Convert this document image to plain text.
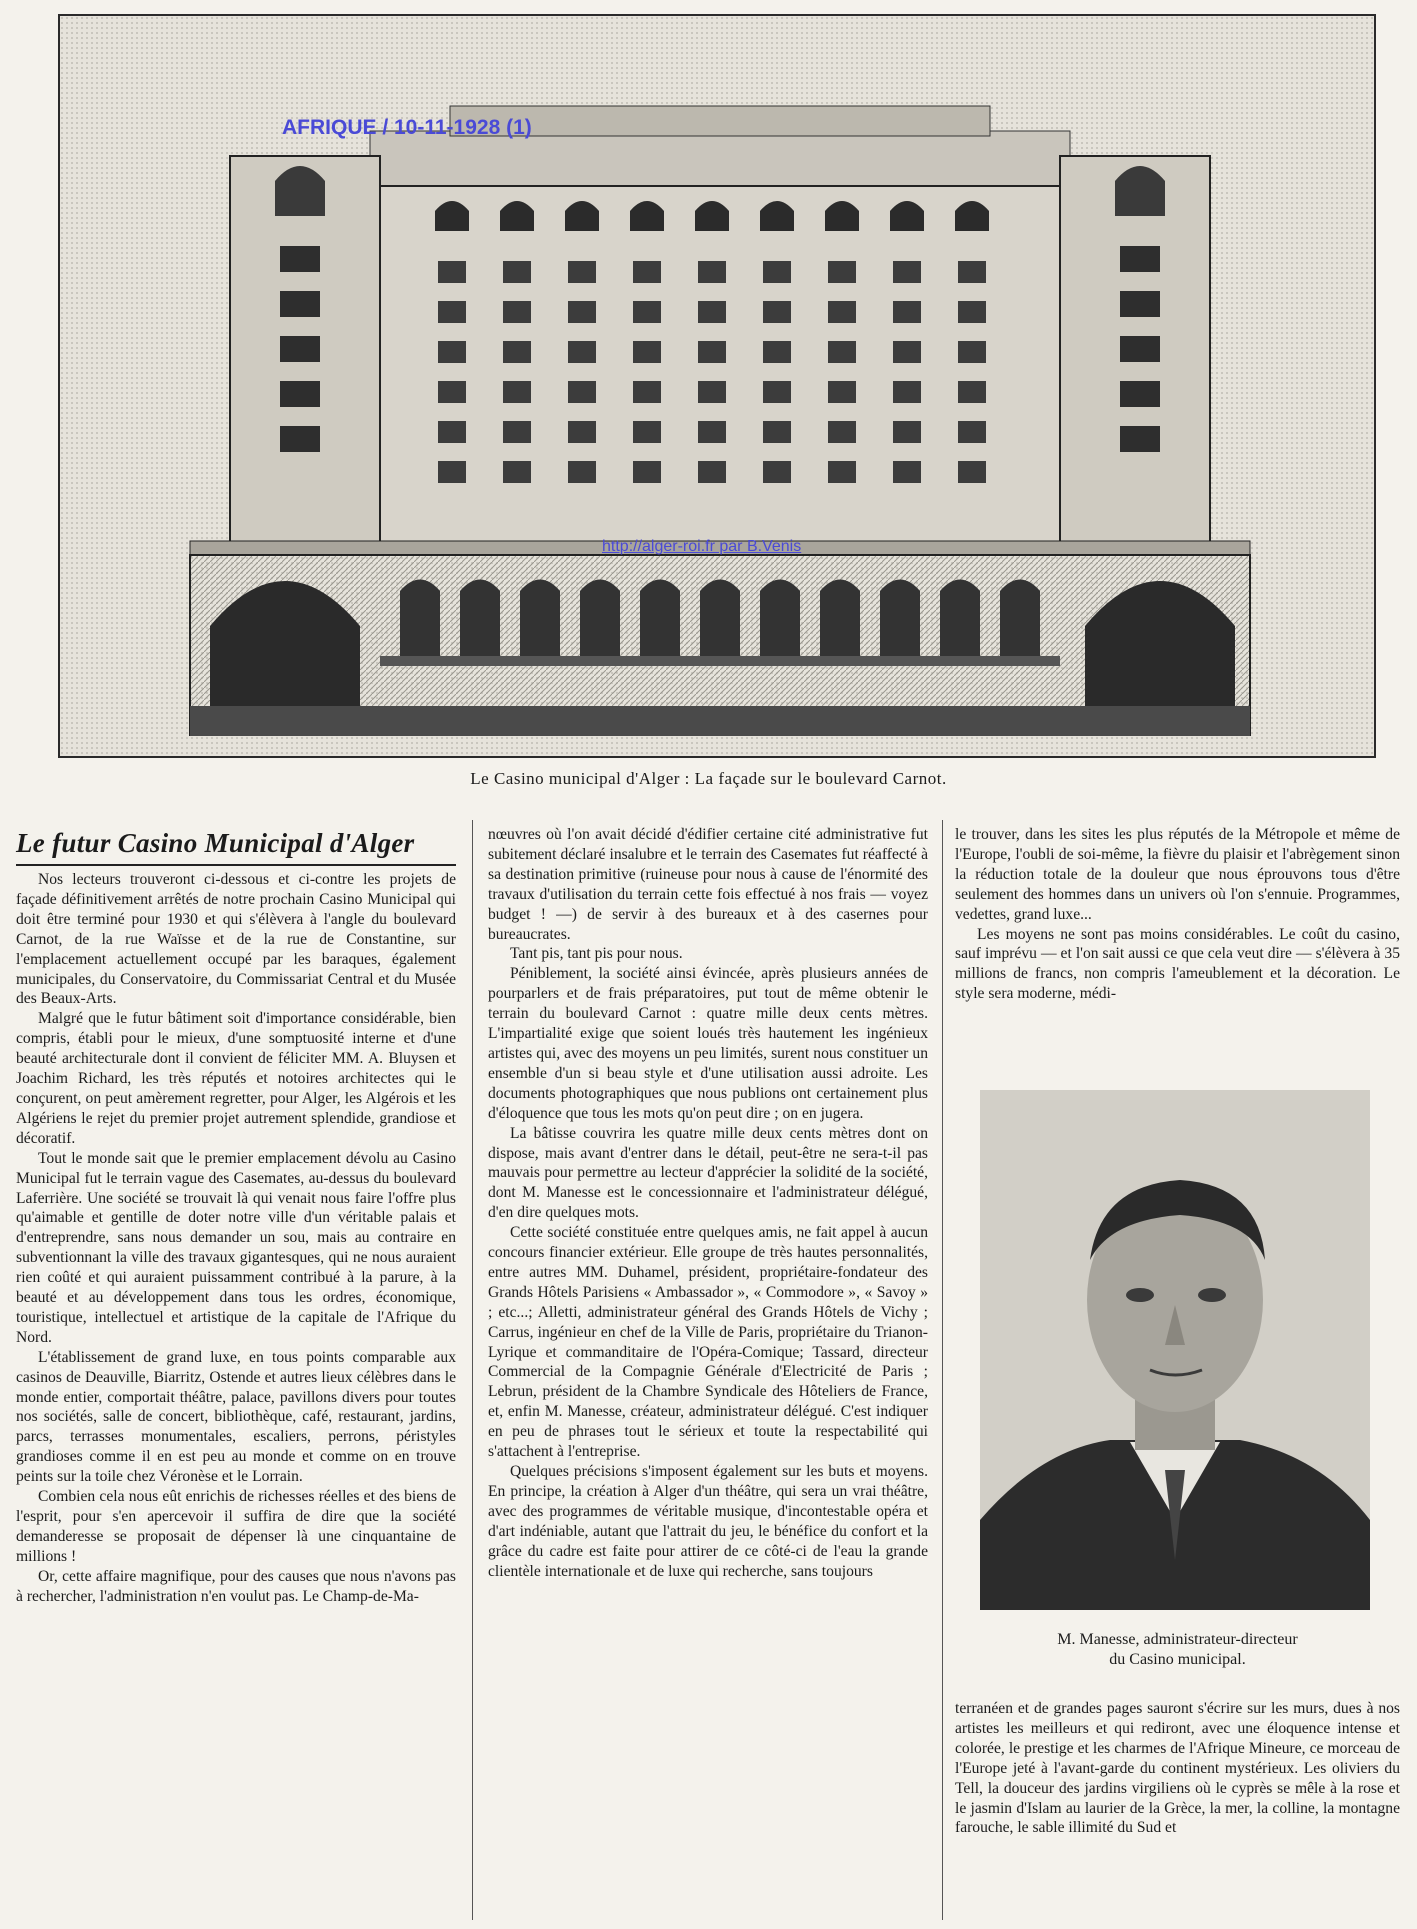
AFRIQUE / 10-11-1928 (1)
http://alger-roi.fr par B.Venis
Le Casino municipal d'Alger : La façade sur le boulevard Carnot.
Le futur Casino Municipal d'Alger

Nos lecteurs trouveront ci-dessous et ci-contre les projets de façade définitivement arrêtés de notre prochain Casino Municipal qui doit être terminé pour 1930 et qui s'élèvera à l'angle du boulevard Carnot, de la rue Waïsse et de la rue de Constantine, sur l'emplacement actuellement occupé par les baraques, également municipales, du Conservatoire, du Commissariat Central et du Musée des Beaux-Arts.

Malgré que le futur bâtiment soit d'importance considérable, bien compris, établi pour le mieux, d'une somptuosité interne et d'une beauté architecturale dont il convient de féliciter MM. A. Bluysen et Joachim Richard, les très réputés et notoires architectes qui le conçurent, on peut amèrement regretter, pour Alger, les Algérois et les Algériens le rejet du premier projet autrement splendide, grandiose et décoratif.

Tout le monde sait que le premier emplacement dévolu au Casino Municipal fut le terrain vague des Casemates, au-dessus du boulevard Laferrière. Une société se trouvait là qui venait nous faire l'offre plus qu'aimable et gentille de doter notre ville d'un véritable palais et d'entreprendre, sans nous demander un sou, mais au contraire en subventionnant la ville des travaux gigantesques, qui ne nous auraient rien coûté et qui auraient puissamment contribué à la parure, à la beauté et au développement dans tous les ordres, économique, touristique, intellectuel et artistique de la capitale de l'Afrique du Nord.

L'établissement de grand luxe, en tous points comparable aux casinos de Deauville, Biarritz, Ostende et autres lieux célèbres dans le monde entier, comportait théâtre, palace, pavillons divers pour toutes nos sociétés, salle de concert, bibliothèque, café, restaurant, jardins, parcs, terrasses monumentales, escaliers, perrons, péristyles grandioses comme il en est peu au monde et comme on en trouve peints sur la toile chez Véronèse et le Lorrain.

Combien cela nous eût enrichis de richesses réelles et des biens de l'esprit, pour s'en apercevoir il suffira de dire que la société demanderesse se proposait de dépenser là une cinquantaine de millions !

Or, cette affaire magnifique, pour des causes que nous n'avons pas à rechercher, l'administration n'en voulut pas. Le Champ-de-Ma-

nœuvres où l'on avait décidé d'édifier certaine cité administrative fut subitement déclaré insalubre et le terrain des Casemates fut réaffecté à sa destination primitive (ruineuse pour nous à cause de l'énormité des travaux d'utilisation du terrain cette fois effectué à nos frais — voyez budget ! —) de servir à des bureaux et à des casernes pour bureaucrates.

Tant pis, tant pis pour nous.

Péniblement, la société ainsi évincée, après plusieurs années de pourparlers et de frais préparatoires, put tout de même obtenir le terrain du boulevard Carnot : quatre mille deux cents mètres. L'impartialité exige que soient loués très hautement les ingénieux artistes qui, avec des moyens un peu limités, surent nous constituer un ensemble d'un si beau style et d'une utilisation aussi adroite. Les documents photographiques que nous publions ont certainement plus d'éloquence que tous les mots qu'on peut dire ; on en jugera.

La bâtisse couvrira les quatre mille deux cents mètres dont on dispose, mais avant d'entrer dans le détail, peut-être ne sera-t-il pas mauvais pour permettre au lecteur d'apprécier la solidité de la société, dont M. Manesse est le concessionnaire et l'administrateur délégué, d'en dire quelques mots.

Cette société constituée entre quelques amis, ne fait appel à aucun concours financier extérieur. Elle groupe de très hautes personnalités, entre autres MM. Duhamel, président, propriétaire-fondateur des Grands Hôtels Parisiens « Ambassador », « Commodore », « Savoy » ; etc...; Alletti, administrateur général des Grands Hôtels de Vichy ; Carrus, ingénieur en chef de la Ville de Paris, propriétaire du Trianon-Lyrique et commanditaire de l'Opéra-Comique; Tassard, directeur Commercial de la Compagnie Générale d'Electricité de Paris ; Lebrun, président de la Chambre Syndicale des Hôteliers de France, et, enfin M. Manesse, créateur, administrateur délégué. C'est indiquer en peu de phrases tout le sérieux et toute la respectabilité qui s'attachent à l'entreprise.

Quelques précisions s'imposent également sur les buts et moyens. En principe, la création à Alger d'un théâtre, qui sera un vrai théâtre, avec des programmes de véritable musique, d'incontestable opéra et d'art indéniable, autant que l'attrait du jeu, le bénéfice du confort et la grâce du cadre est faite pour attirer de ce côté-ci de l'eau la grande clientèle internationale et de luxe qui recherche, sans toujours

le trouver, dans les sites les plus réputés de la Métropole et même de l'Europe, l'oubli de soi-même, la fièvre du plaisir et l'abrègement sinon la réduction totale de la douleur que nous éprouvons tous d'être seulement des hommes dans un univers où l'on s'ennuie. Programmes, vedettes, grand luxe...

Les moyens ne sont pas moins considérables. Le coût du casino, sauf imprévu — et l'on sait aussi ce que cela veut dire — s'élèvera à 35 millions de francs, non compris l'ameublement et la décoration. Le style sera moderne, médi-

M. Manesse, administrateur-directeur
du Casino municipal.

terranéen et de grandes pages sauront s'écrire sur les murs, dues à nos artistes les meilleurs et qui rediront, avec une éloquence intense et colorée, le prestige et les charmes de l'Afrique Mineure, ce morceau de l'Europe jeté à l'avant-garde du continent mystérieux. Les oliviers du Tell, la douceur des jardins virgiliens où le cyprès se mêle à la rose et le jasmin d'Islam au laurier de la Grèce, la mer, la colline, la montagne farouche, le sable illimité du Sud et
